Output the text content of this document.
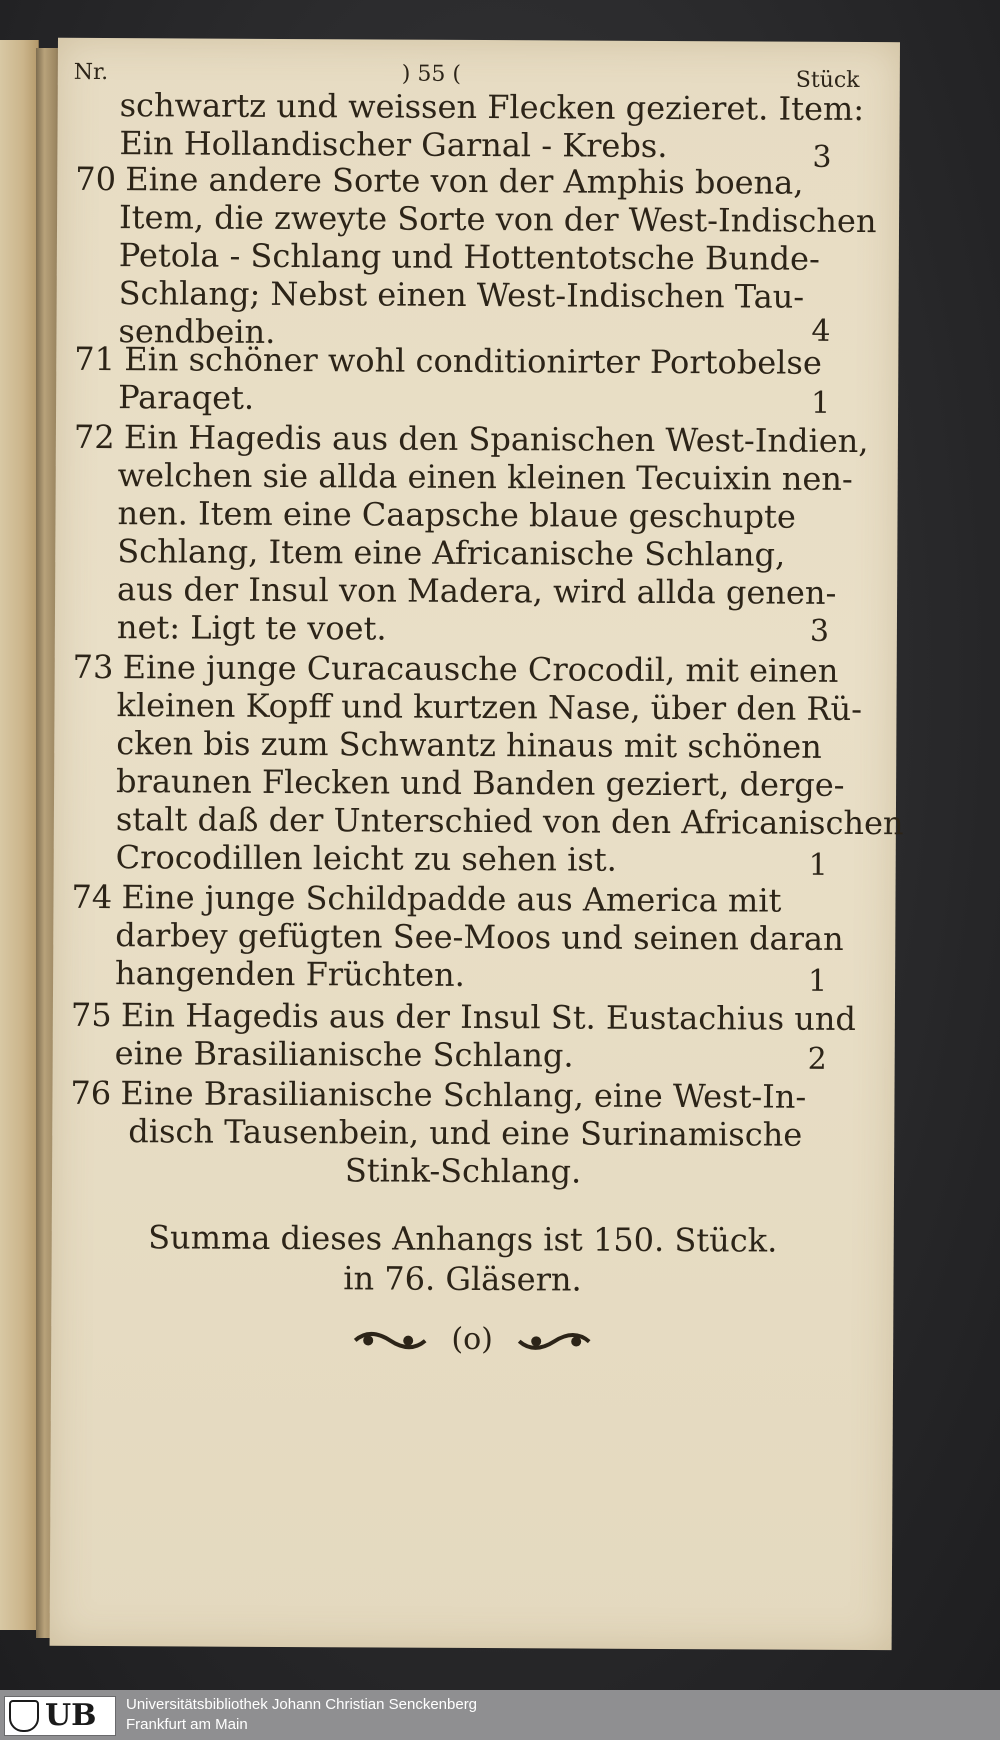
Nr.	) 55 (	Stück
schwartz und weissen Flecken gezieret. Item:
Ein Hollandischer Garnal - Krebs.	3
70 Eine andere Sorte von der Amphis boena,
Item, die zweyte Sorte von der West-Indischen
Petola - Schlang und Hottentotsche Bunde-
Schlang; Nebst einen West-Indischen Tau-
sendbein.	4
71 Ein schöner wohl conditionirter Portobelse
Paraqet.	1
72 Ein Hagedis aus den Spanischen West-Indien,
welchen sie allda einen kleinen Tecuixin nen-
nen. Item eine Caapsche blaue geschupte
Schlang, Item eine Africanische Schlang,
aus der Insul von Madera, wird allda genen-
net: Ligt te voet.	3
73 Eine junge Curacausche Crocodil, mit einen
kleinen Kopff und kurtzen Nase, über den Rü-
cken bis zum Schwantz hinaus mit schönen
braunen Flecken und Banden geziert, derge-
stalt daß der Unterschied von den Africanischen
Crocodillen leicht zu sehen ist.	1
74 Eine junge Schildpadde aus America mit
darbey gefügten See-Moos und seinen daran
hangenden Früchten.	1
75 Ein Hagedis aus der Insul St. Eustachius und
eine Brasilianische Schlang.	2
76 Eine Brasilianische Schlang, eine West-In-
disch Tausenbein, und eine Surinamische
Stink-Schlang.
Summa dieses Anhangs ist 150. Stück.
in 76. Gläsern.
(o)
UB Universitätsbibliothek Johann Christian Senckenberg
Frankfurt am Main
